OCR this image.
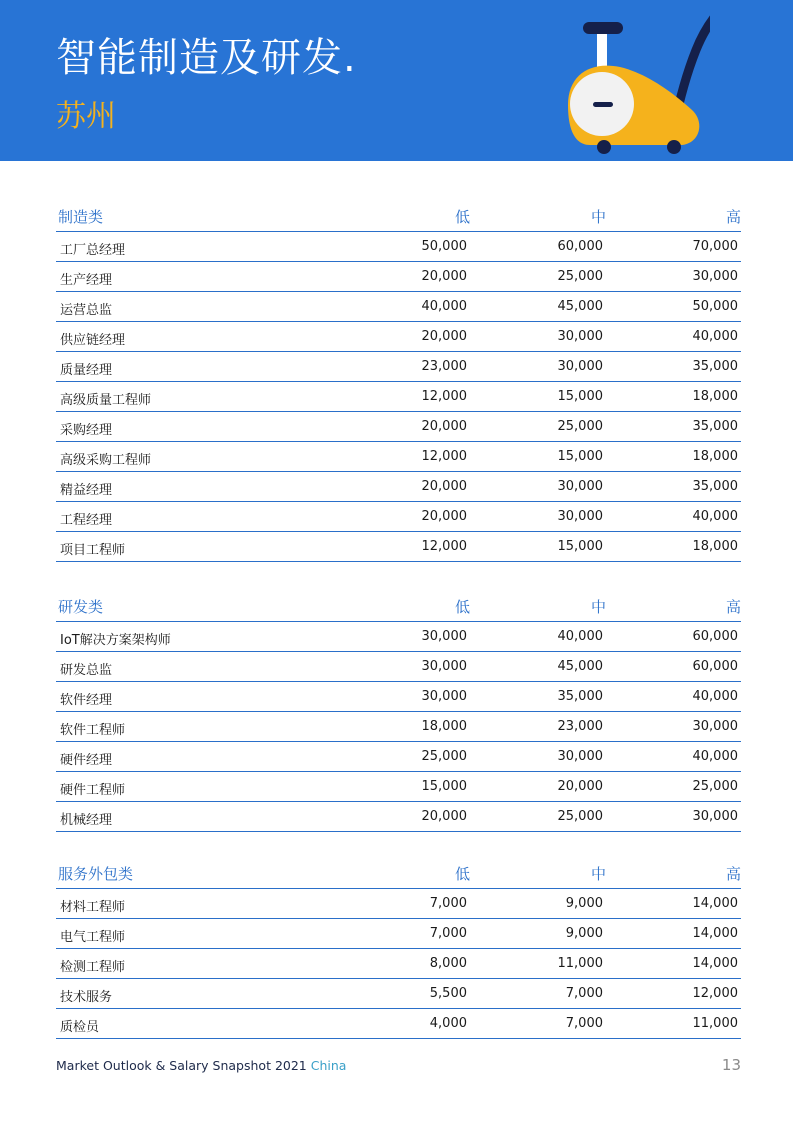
智能制造及研发.
苏州
制造类	低	中	高
工厂总经理	50,000	60,000	70,000
生产经理	20,000	25,000	30,000
运营总监	40,000	45,000	50,000
供应链经理	20,000	30,000	40,000
质量经理	23,000	30,000	35,000
高级质量工程师	12,000	15,000	18,000
采购经理	20,000	25,000	35,000
高级采购工程师	12,000	15,000	18,000
精益经理	20,000	30,000	35,000
工程经理	20,000	30,000	40,000
项目工程师	12,000	15,000	18,000
研发类	低	中	高
IoT解决方案架构师	30,000	40,000	60,000
研发总监	30,000	45,000	60,000
软件经理	30,000	35,000	40,000
软件工程师	18,000	23,000	30,000
硬件经理	25,000	30,000	40,000
硬件工程师	15,000	20,000	25,000
机械经理	20,000	25,000	30,000
服务外包类	低	中	高
材料工程师	7,000	9,000	14,000
电气工程师	7,000	9,000	14,000
检测工程师	8,000	11,000	14,000
技术服务	5,500	7,000	12,000
质检员	4,000	7,000	11,000
Market Outlook & Salary Snapshot 2021 China	13
